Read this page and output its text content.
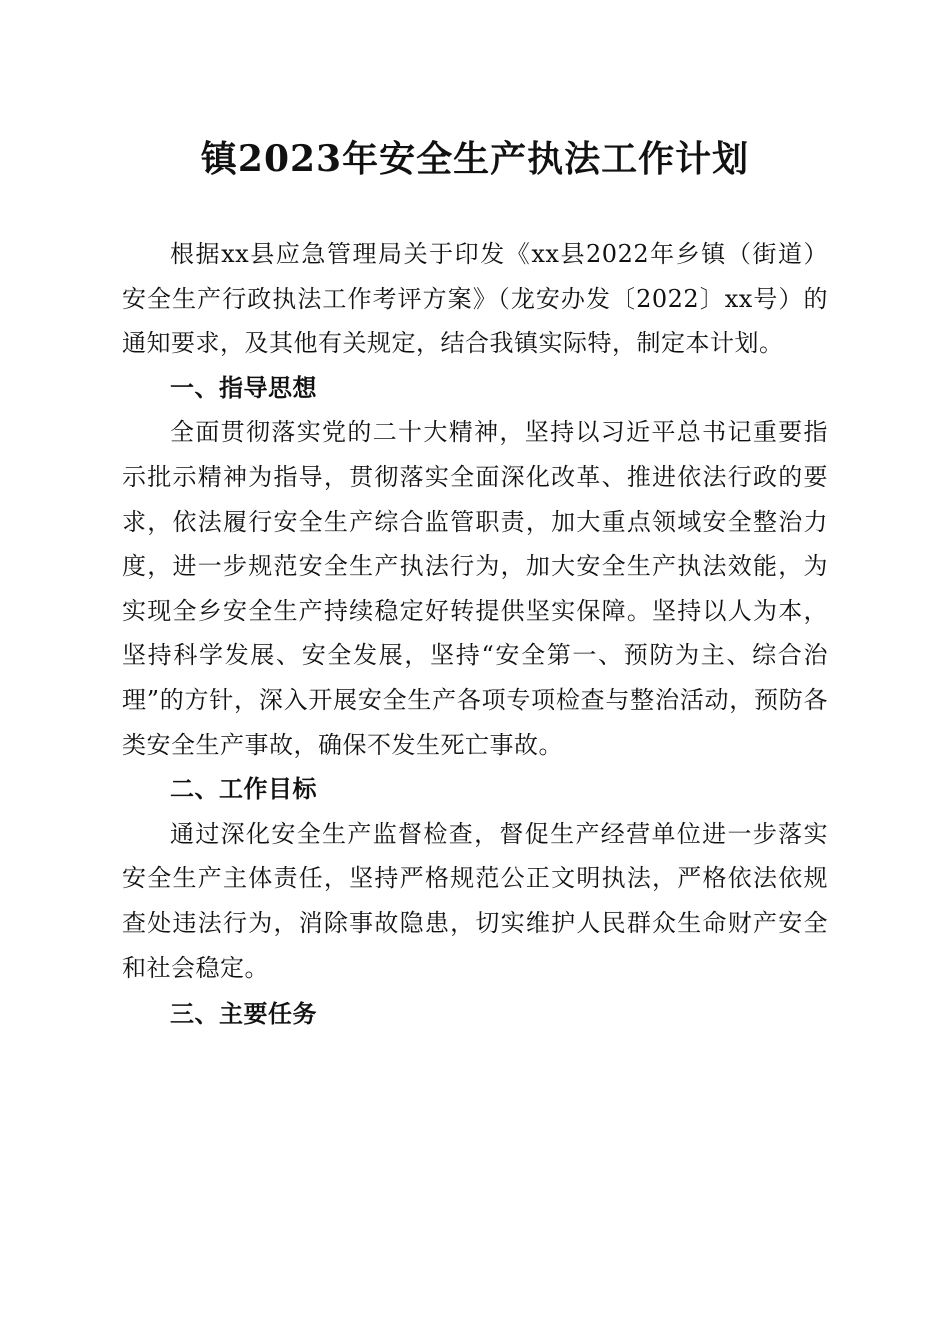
镇2023年安全生产执法工作计划

根据xx县应急管理局关于印发《xx县2022年乡镇（街道）安全生产行政执法工作考评方案》（龙安办发〔2022〕xx号）的通知要求，及其他有关规定，结合我镇实际特，制定本计划。

一、指导思想

全面贯彻落实党的二十大精神，坚持以习近平总书记重要指示批示精神为指导，贯彻落实全面深化改革、推进依法行政的要求，依法履行安全生产综合监管职责，加大重点领域安全整治力度，进一步规范安全生产执法行为，加大安全生产执法效能，为实现全乡安全生产持续稳定好转提供坚实保障。坚持以人为本，坚持科学发展、安全发展，坚持“安全第一、预防为主、综合治理”的方针，深入开展安全生产各项专项检查与整治活动，预防各类安全生产事故，确保不发生死亡事故。

二、工作目标

通过深化安全生产监督检查，督促生产经营单位进一步落实安全生产主体责任，坚持严格规范公正文明执法，严格依法依规查处违法行为，消除事故隐患，切实维护人民群众生命财产安全和社会稳定。

三、主要任务
